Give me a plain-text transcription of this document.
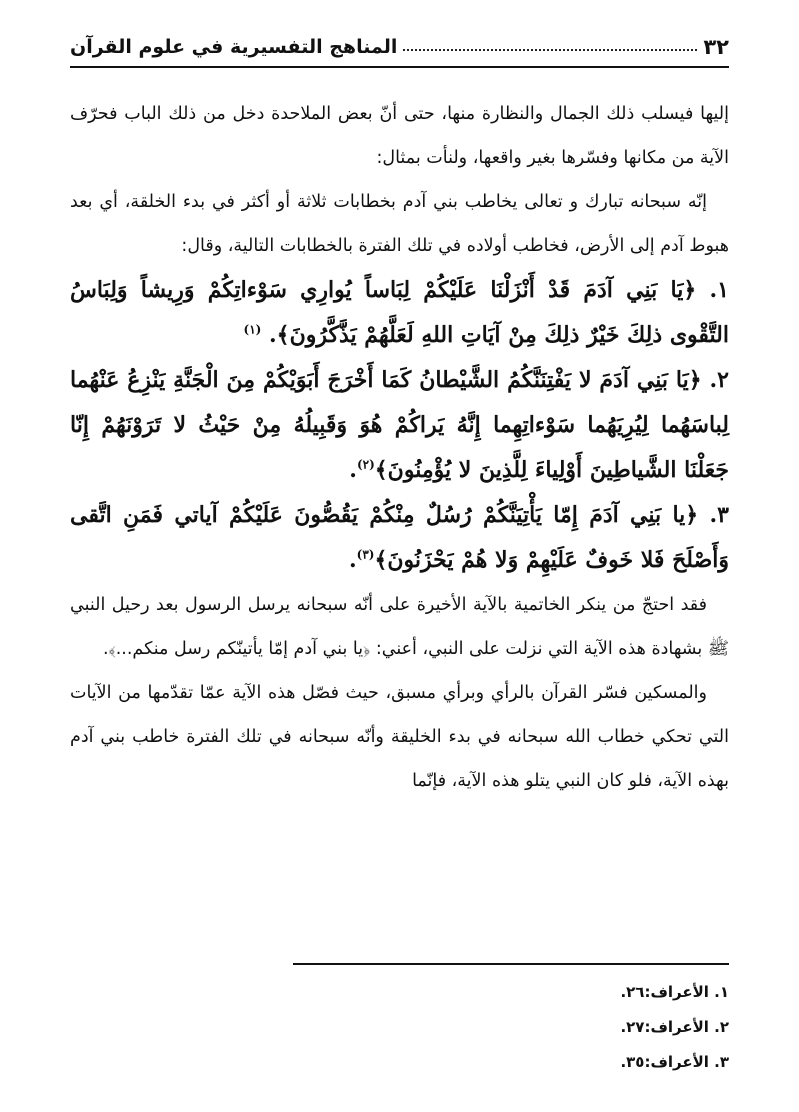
٣٢
المناهج التفسيرية في علوم القرآن

إليها فيسلب ذلك الجمال والنظارة منها، حتى أنّ بعض الملاحدة دخل من ذلك الباب فحرّف الآية من مكانها وفسّرها بغير واقعها، ولنأت بمثال:

إنّه سبحانه تبارك و تعالى يخاطب بني آدم بخطابات ثلاثة أو أكثر في بدء الخلقة، أي بعد هبوط آدم إلى الأرض، فخاطب أولاده في تلك الفترة بالخطابات التالية، وقال:

١. ﴿يَا بَنِي آدَمَ قَدْ أَنْزَلْنَا عَلَيْكُمْ لِبَاساً يُوارِي سَوْءاتِكُمْ وَرِيشاً وَلِبَاسُ التَّقْوى ذلِكَ خَيْرٌ ذلِكَ مِنْ آيَاتِ اللهِ لَعَلَّهُمْ يَذَّكَّرُونَ﴾. $^{(١)}$

٢. ﴿يَا بَنِي آدَمَ لا يَفْتِنَنَّكُمُ الشَّيْطانُ كَمَا أَخْرَجَ أَبَوَيْكُمْ مِنَ الْجَنَّةِ يَنْزِعُ عَنْهُما لِباسَهُما لِيُرِيَهُما سَوْءاتِهِما إِنَّهُ يَراكُمْ هُوَ وَقَبِيلُهُ مِنْ حَيْثُ لا تَرَوْنَهُمْ إِنّا جَعَلْنَا الشَّياطِينَ أَوْلِياءَ لِلَّذِينَ لا يُؤْمِنُونَ﴾$^{(٢)}$.

٣. ﴿يا بَنِي آدَمَ إِمّا يَأْتِيَنَّكُمْ رُسُلٌ مِنْكُمْ يَقُصُّونَ عَلَيْكُمْ آياتي فَمَنِ اتَّقى وَأَصْلَحَ فَلا خَوفٌ عَلَيْهِمْ وَلا هُمْ يَحْزَنُونَ﴾$^{(٣)}$.

فقد احتجّ من ينكر الخاتمية بالآية الأخيرة على أنّه سبحانه يرسل الرسول بعد رحيل النبي ﷺ بشهادة هذه الآية التي نزلت على النبي، أعني: ﴿يا بني آدم إمّا يأتينّكم رسل منكم...﴾.

والمسكين فسّر القرآن بالرأي وبرأي مسبق، حيث فصّل هذه الآية عمّا تقدّمها من الآيات التي تحكي خطاب الله سبحانه في بدء الخليقة وأنّه سبحانه في تلك الفترة خاطب بني آدم بهذه الآية، فلو كان النبي يتلو هذه الآية، فإنّما

١. الأعراف:٢٦.
٢. الأعراف:٢٧.
٣. الأعراف:٣٥.
